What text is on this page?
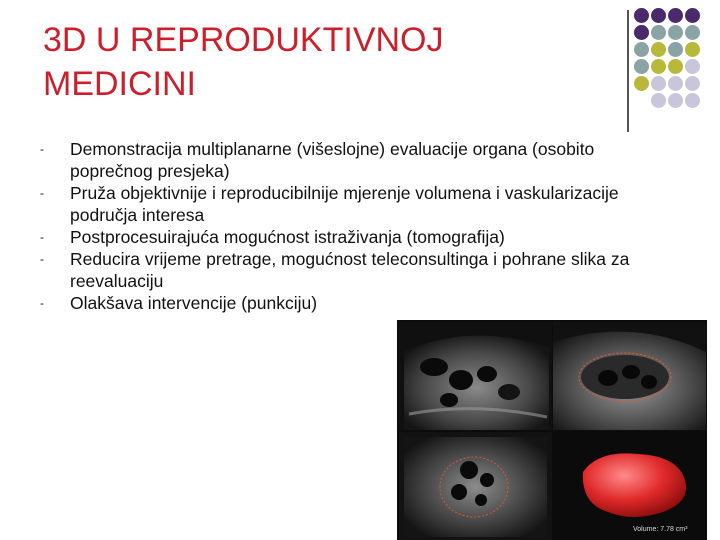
3D U REPRODUKTIVNOJ
MEDICINI
-	Demonstracija multiplanarne (višeslojne) evaluacije organa (osobito poprečnog presjeka)
-	Pruža objektivnije i reproducibilnije mjerenje volumena i vaskularizacije područja interesa
-	Postprocesuirajuća mogućnost istraživanja (tomografija)
-	Reducira vrijeme pretrage, mogućnost teleconsultinga i pohrane slika za reevaluaciju
-	Olakšava intervencije (punkciju)
Volume: 7.78 cm³
